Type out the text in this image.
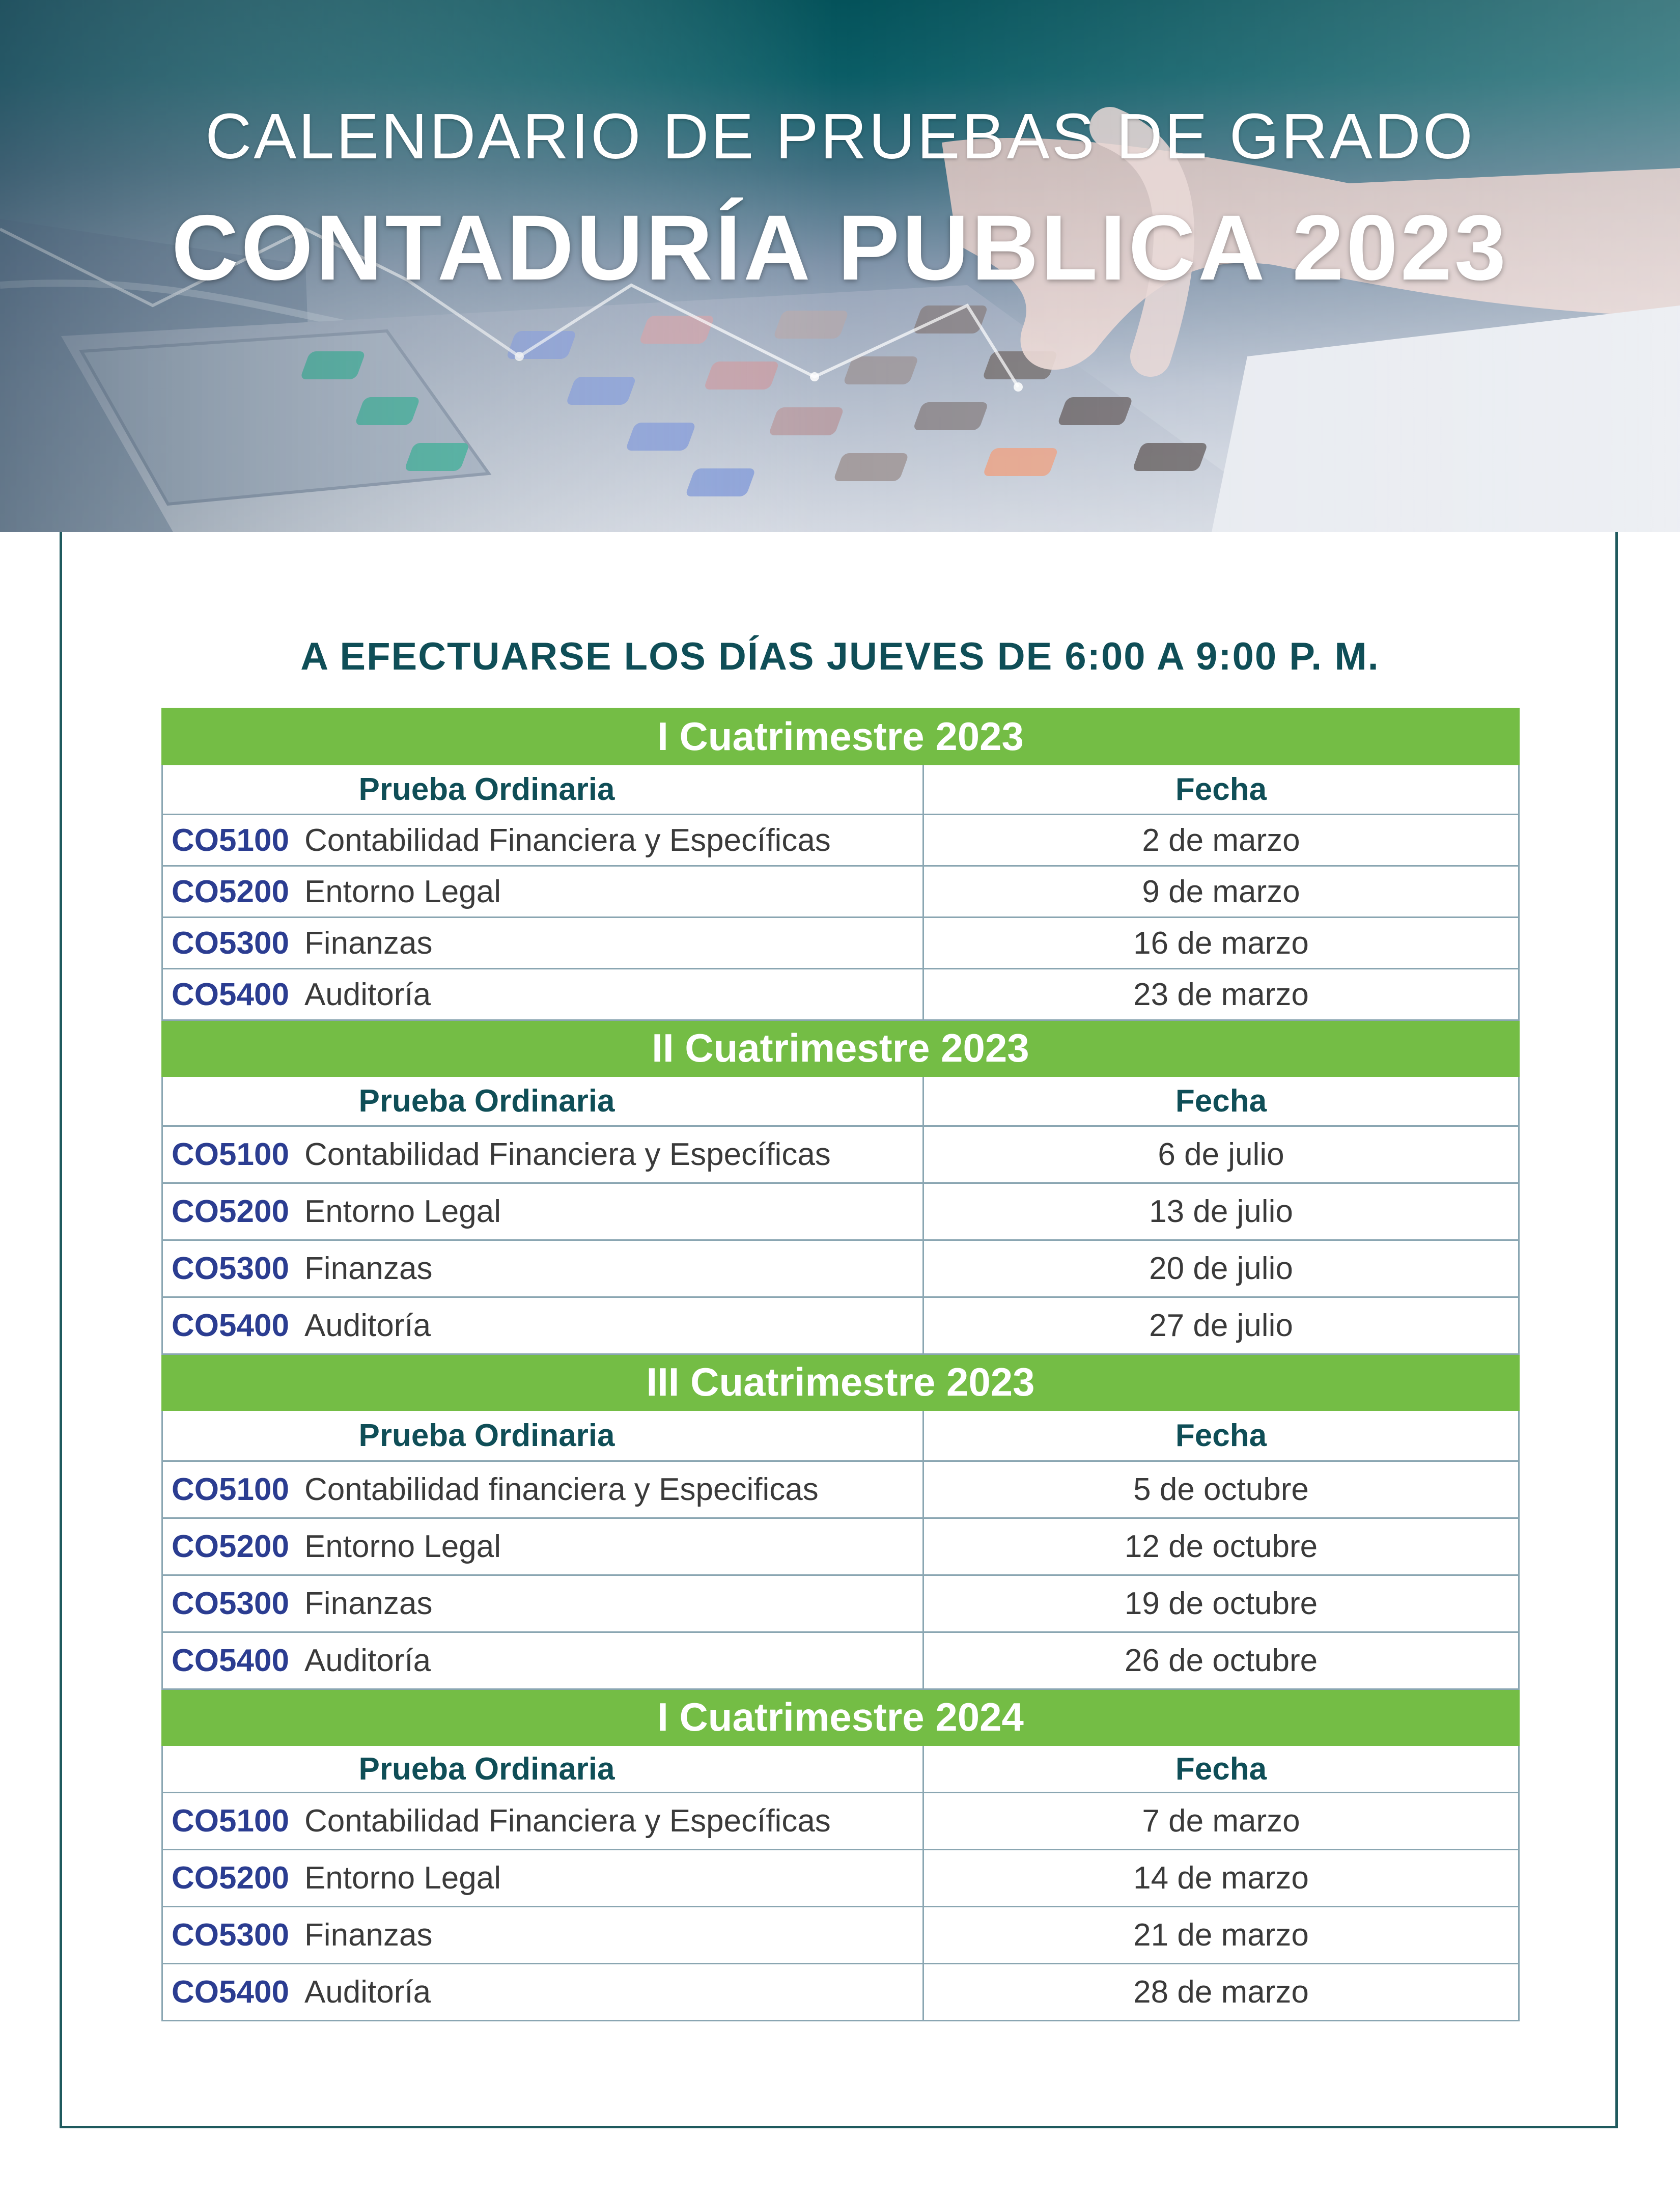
CALENDARIO DE PRUEBAS DE GRADO
CONTADURÍA PUBLICA 2023
A EFECTUARSE LOS DÍAS JUEVES DE 6:00 A 9:00 P. M.
I Cuatrimestre 2023	
Prueba Ordinaria	Fecha
CO5100 Contabilidad Financiera y Específicas	2 de marzo
CO5200 Entorno Legal	9 de marzo
CO5300 Finanzas	16 de marzo
CO5400 Auditoría	23 de marzo
II Cuatrimestre 2023	
Prueba Ordinaria	Fecha
CO5100 Contabilidad Financiera y Específicas	6 de julio
CO5200 Entorno Legal	13 de julio
CO5300 Finanzas	20 de julio
CO5400 Auditoría	27 de julio
III Cuatrimestre 2023	
Prueba Ordinaria	Fecha
CO5100 Contabilidad financiera y Especificas	5 de octubre
CO5200 Entorno Legal	12 de octubre
CO5300 Finanzas	19 de octubre
CO5400 Auditoría	26 de octubre
I Cuatrimestre 2024	
Prueba Ordinaria	Fecha
CO5100 Contabilidad Financiera y Específicas	7 de marzo
CO5200 Entorno Legal	14 de marzo
CO5300 Finanzas	21 de marzo
CO5400 Auditoría	28 de marzo
